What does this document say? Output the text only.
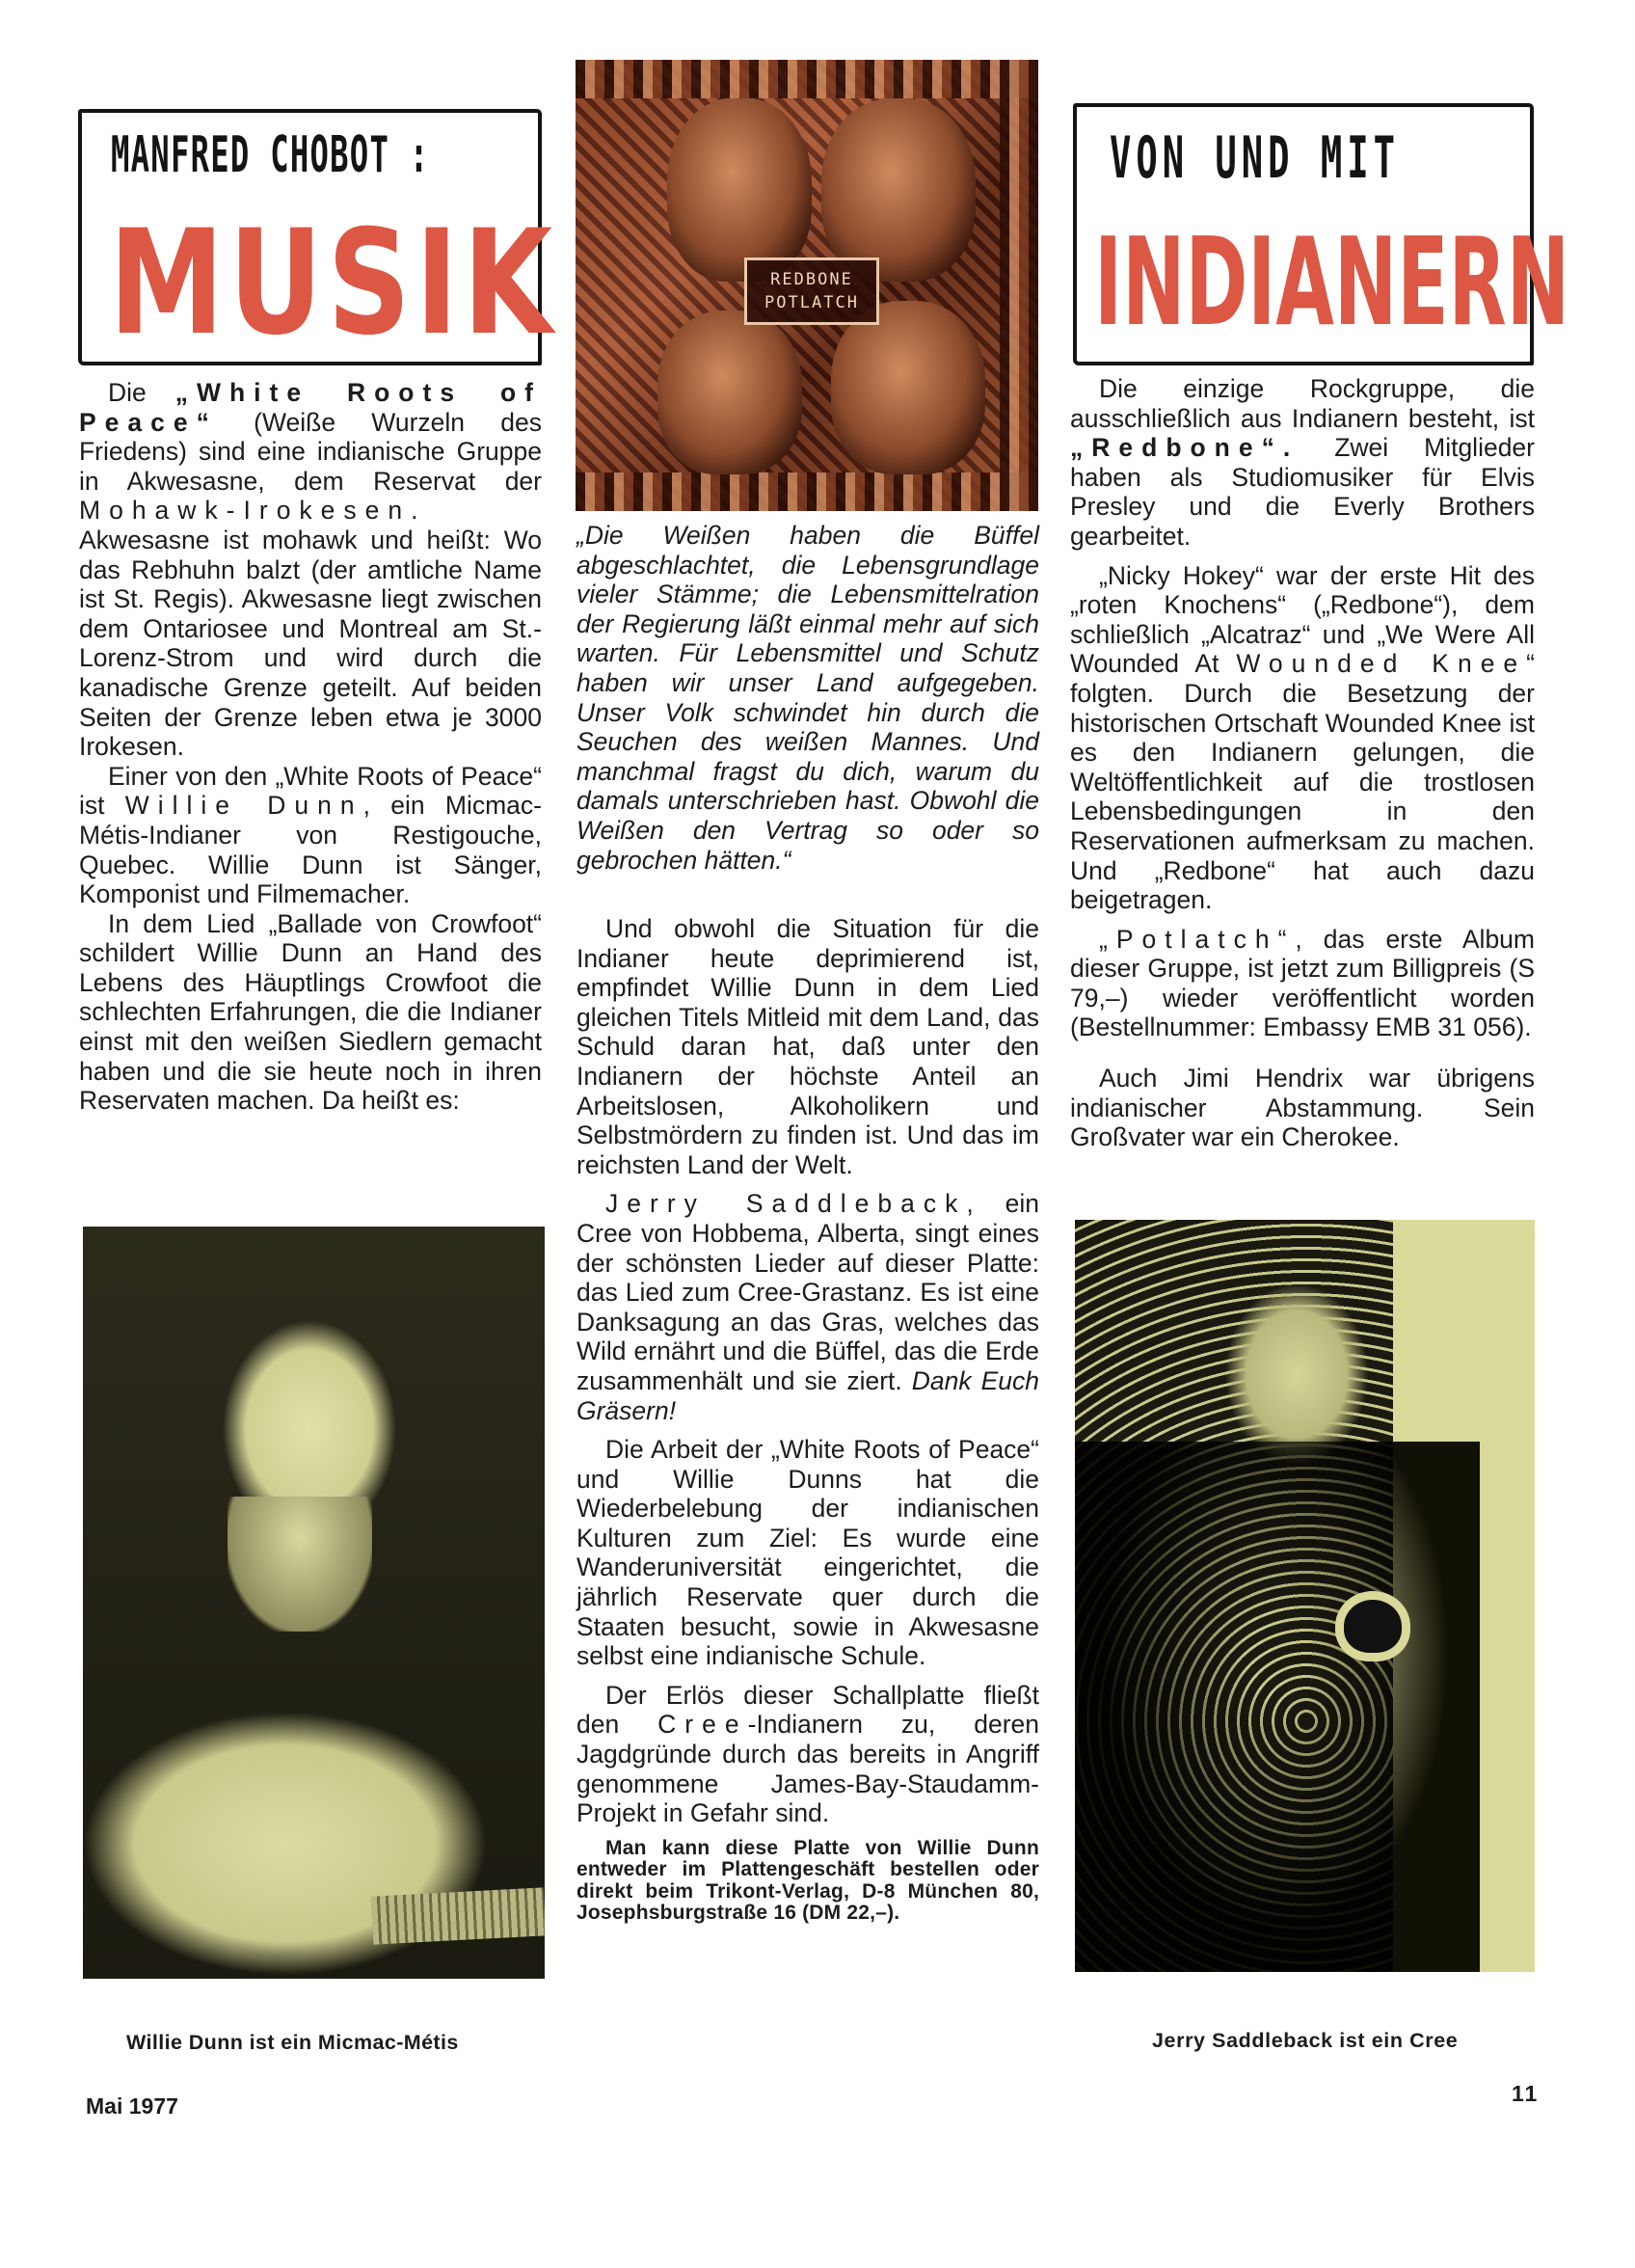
MANFRED CHOBOT :
MUSIK
VON UND MIT
INDIANERN
REDBONE
POTLATCH

Die „White Roots of Peace“ (Weiße Wurzeln des Friedens) sind eine indianische Gruppe in Akwesasne, dem Reservat der Mohawk-Irokesen. Akwesasne ist mohawk und heißt: Wo das Rebhuhn balzt (der amtliche Name ist St. Regis). Akwesasne liegt zwischen dem Ontariosee und Montreal am St.-Lorenz-Strom und wird durch die kanadische Grenze geteilt. Auf beiden Seiten der Grenze leben etwa je 3000 Irokesen.

Einer von den „White Roots of Peace“ ist Willie Dunn, ein Micmac-Métis-Indianer von Restigouche, Quebec. Willie Dunn ist Sänger, Komponist und Filmemacher.

In dem Lied „Ballade von Crowfoot“ schildert Willie Dunn an Hand des Lebens des Häuptlings Crowfoot die schlechten Erfahrungen, die die Indianer einst mit den weißen Siedlern gemacht haben und die sie heute noch in ihren Reservaten machen. Da heißt es:

„Die Weißen haben die Büffel abgeschlachtet, die Lebensgrundlage vieler Stämme; die Lebensmittelration der Regierung läßt einmal mehr auf sich warten. Für Lebensmittel und Schutz haben wir unser Land aufgegeben. Unser Volk schwindet hin durch die Seuchen des weißen Mannes. Und manchmal fragst du dich, warum du damals unterschrieben hast. Obwohl die Weißen den Vertrag so oder so gebrochen hätten.“

Und obwohl die Situation für die Indianer heute deprimierend ist, empfindet Willie Dunn in dem Lied gleichen Titels Mitleid mit dem Land, das Schuld daran hat, daß unter den Indianern der höchste Anteil an Arbeitslosen, Alkoholikern und Selbstmördern zu finden ist. Und das im reichsten Land der Welt.

Jerry Saddleback, ein Cree von Hobbema, Alberta, singt eines der schönsten Lieder auf dieser Platte: das Lied zum Cree-Grastanz. Es ist eine Danksagung an das Gras, welches das Wild ernährt und die Büffel, das die Erde zusammenhält und sie ziert. Dank Euch Gräsern!

Die Arbeit der „White Roots of Peace“ und Willie Dunns hat die Wiederbelebung der indianischen Kulturen zum Ziel: Es wurde eine Wanderuniversität eingerichtet, die jährlich Reservate quer durch die Staaten besucht, sowie in Akwesasne selbst eine indianische Schule.

Der Erlös dieser Schallplatte fließt den Cree-Indianern zu, deren Jagdgründe durch das bereits in Angriff genommene James-Bay-Staudamm-Projekt in Gefahr sind.

Man kann diese Platte von Willie Dunn entweder im Plattengeschäft bestellen oder direkt beim Trikont-Verlag, D-8 München 80, Josephsburgstraße 16 (DM 22,–).

Die einzige Rockgruppe, die ausschließlich aus Indianern besteht, ist „Redbone“. Zwei Mitglieder haben als Studiomusiker für Elvis Presley und die Everly Brothers gearbeitet.

„Nicky Hokey“ war der erste Hit des „roten Knochens“ („Redbone“), dem schließlich „Alcatraz“ und „We Were All Wounded At Wounded Knee“ folgten. Durch die Besetzung der historischen Ortschaft Wounded Knee ist es den Indianern gelungen, die Weltöffentlichkeit auf die trostlosen Lebensbedingungen in den Reservationen aufmerksam zu machen. Und „Redbone“ hat auch dazu beigetragen.

„Potlatch“, das erste Album dieser Gruppe, ist jetzt zum Billigpreis (S 79,–) wieder veröffentlicht worden (Bestellnummer: Embassy EMB 31 056).

Auch Jimi Hendrix war übrigens indianischer Abstammung. Sein Großvater war ein Cherokee.

Willie Dunn ist ein Micmac-Métis	Jerry Saddleback ist ein Cree
Mai 1977	11
